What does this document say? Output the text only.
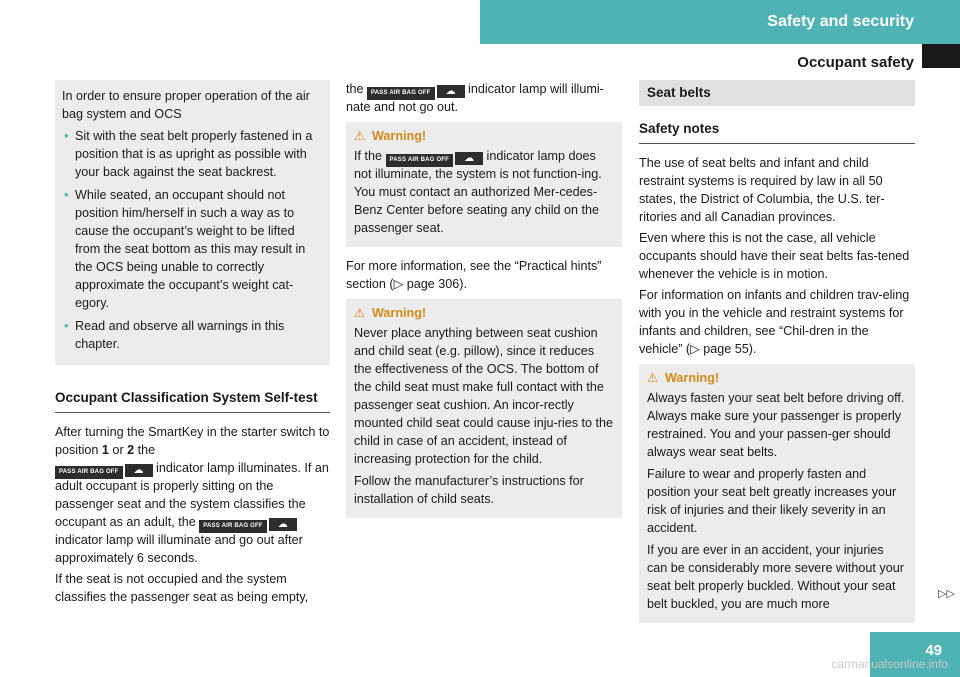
Safety and security
Occupant safety

In order to ensure proper operation of the air bag system and OCS

• Sit with the seat belt properly fastened in a position that is as upright as possible with your back against the seat backrest.
• While seated, an occupant should not position him/herself in such a way as to cause the occupant’s weight to be lifted from the seat bottom as this may result in the OCS being unable to correctly approximate the occupant’s weight cat-egory.
• Read and observe all warnings in this chapter.
Occupant Classification System Self-test

After turning the SmartKey in the starter switch to position 1 or 2 the
PASS AIR BAG OFF ☁ indicator lamp illuminates. If an adult occupant is properly sitting on the passenger seat and the system classifies the occupant as an adult, the PASS AIR BAG OFF ☁ indicator lamp will illuminate and go out after approximately 6 seconds.

If the seat is not occupied and the system classifies the passenger seat as being empty,

the PASS AIR BAG OFF ☁ indicator lamp will illumi-nate and not go out.

⚠ Warning!

If the PASS AIR BAG OFF ☁ indicator lamp does not illuminate, the system is not function-ing. You must contact an authorized Mer-cedes-Benz Center before seating any child on the passenger seat.

For more information, see the “Practical hints” section (▷ page 306).

⚠ Warning!

Never place anything between seat cushion and child seat (e.g. pillow), since it reduces the effectiveness of the OCS. The bottom of the child seat must make full contact with the passenger seat cushion. An incor-rectly mounted child seat could cause inju-ries to the child in case of an accident, instead of increasing protection for the child.

Follow the manufacturer’s instructions for installation of child seats.

Seat belts
Safety notes

The use of seat belts and infant and child restraint systems is required by law in all 50 states, the District of Columbia, the U.S. ter-ritories and all Canadian provinces.

Even where this is not the case, all vehicle occupants should have their seat belts fas-tened whenever the vehicle is in motion.

For information on infants and children trav-eling with you in the vehicle and restraint systems for infants and children, see “Chil-dren in the vehicle” (▷ page 55).

⚠ Warning!

Always fasten your seat belt before driving off. Always make sure your passenger is properly restrained. You and your passen-ger should always wear seat belts.

Failure to wear and properly fasten and position your seat belt greatly increases your risk of injuries and their likely severity in an accident.

If you are ever in an accident, your injuries can be considerably more severe without your seat belt properly buckled. Without your seat belt buckled, you are much more

▷▷
49
carmanualsonline.info
